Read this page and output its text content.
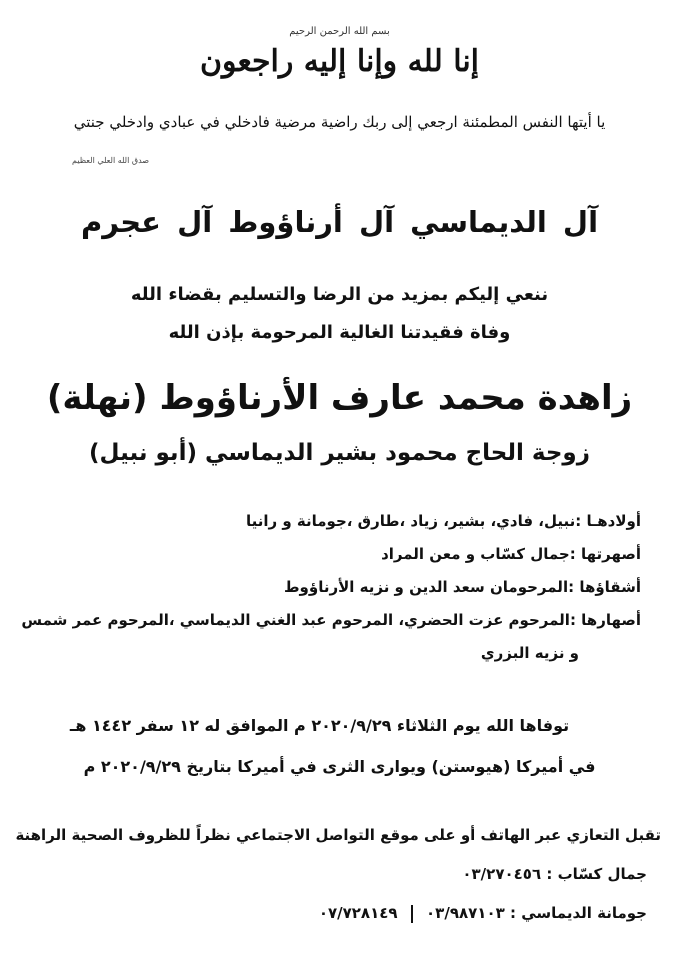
بسم الله الرحمن الرحيم
إنا لله وإنا إليه راجعون
يا أيتها النفس المطمئنة ارجعي إلى ربك راضية مرضية فادخلي في عبادي وادخلي جنتي
صدق الله العلي العظيم
آل الديماسي آل أرناؤوط آل عجرم
ننعي إليكم بمزيد من الرضا والتسليم بقضاء الله
وفاة فقيدتنا الغالية المرحومة بإذن الله
زاهدة محمد عارف الأرناؤوط (نهلة)
زوجة الحاج محمود بشير الديماسي (أبو نبيل)
أولادهـا :نبيل، فادي، بشير، زياد ،طارق ،جومانة و رانيا
أصهرتها :جمال كسّاب و معن المراد
أشقاؤها :المرحومان سعد الدين و نزيه الأرناؤوط
أصهارها :المرحوم عزت الحضري، المرحوم عبد الغني الديماسي ،المرحوم عمر شمس
و نزيه البزري
توفاها الله يوم الثلاثاء ٢٠٢٠/٩/٢٩ م الموافق له ١٢ سفر ١٤٤٢ هـ
في أميركا (هيوستن) ويوارى الثرى في أميركا بتاريخ ٢٠٢٠/٩/٢٩ م
تقبل التعازي عبر الهاتف أو على موقع التواصل الاجتماعي نظراً للظروف الصحية الراهنة
جمال كسّاب : ٠٣/٢٧٠٤٥٦
جومانة الديماسي : ٠٣/٩٨٧١٠٣  ٠٧/٧٢٨١٤٩
